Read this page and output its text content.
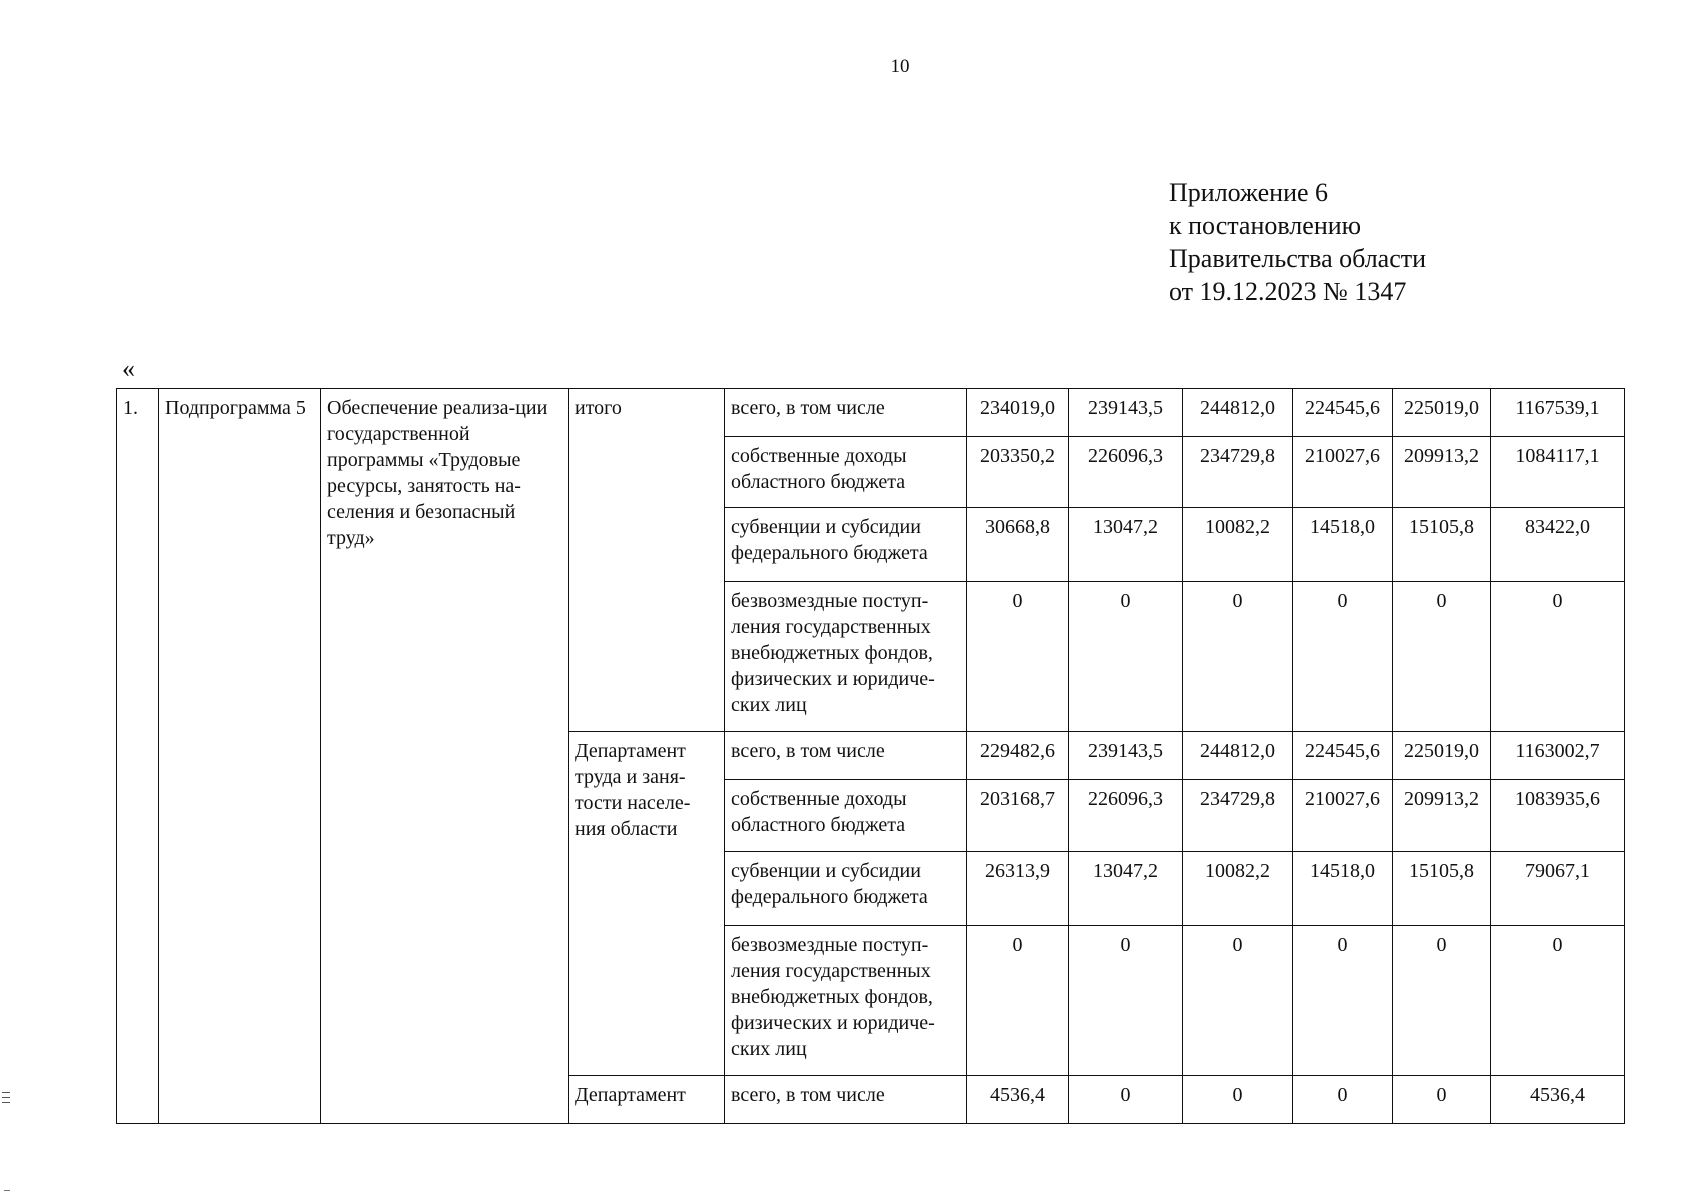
10
Приложение 6
к постановлению
Правительства области
от 19.12.2023 № 1347
«
1.	Подпрограмма 5	Обеспечение реализа-ции государственной программы «Трудовые ресурсы, занятость на-селения и безопасный труд»	итого	всего, в том числе	234019,0	239143,5	244812,0	224545,6	225019,0	1167539,1
				собственные доходы областного бюджета	203350,2	226096,3	234729,8	210027,6	209913,2	1084117,1
				субвенции и субсидии федерального бюджета	30668,8	13047,2	10082,2	14518,0	15105,8	83422,0
				безвозмездные поступ-ления государственных внебюджетных фондов, физических и юридиче-ских лиц	0	0	0	0	0	0
			Департамент труда и заня-тости населе-ния области	всего, в том числе	229482,6	239143,5	244812,0	224545,6	225019,0	1163002,7
				собственные доходы областного бюджета	203168,7	226096,3	234729,8	210027,6	209913,2	1083935,6
				субвенции и субсидии федерального бюджета	26313,9	13047,2	10082,2	14518,0	15105,8	79067,1
				безвозмездные поступ-ления государственных внебюджетных фондов, физических и юридиче-ских лиц	0	0	0	0	0	0
			Департамент	всего, в том числе	4536,4	0	0	0	0	4536,4
